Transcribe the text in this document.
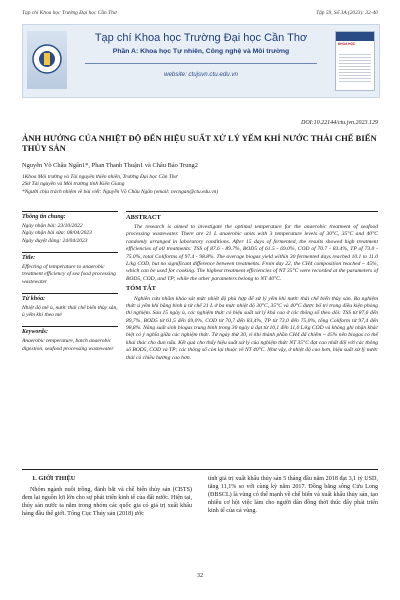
Tạp chí Khoa học Trường Đại học Cần Thơ	Tập 59, Số 3A (2023): 32-40
Tạp chí Khoa học Trường Đại học Cần Thơ
Phần A: Khoa học Tự nhiên, Công nghệ và Môi trường
website: ctujsvn.ctu.edu.vn
KHOA HỌC
DOI:10.22144/ctu.jvn.2023.129
ẢNH HƯỞNG CỦA NHIỆT ĐỘ ĐẾN HIỆU SUẤT XỬ LÝ YẾM KHÍ NƯỚC THẢI CHẾ BIẾN THỦY SẢN
Nguyễn Võ Châu Ngân1*, Phan Thanh Thuận1 và Châu Bảo Trung2
1Khoa Môi trường và Tài nguyên thiên nhiên, Trường Đại học Cần Thơ
2Sở Tài nguyên và Môi trường tỉnh Kiên Giang
*Người chịu trách nhiệm về bài viết: Nguyễn Võ Châu Ngân (email: nvcngan@ctu.edu.vn)
Thông tin chung:
Ngày nhận bài: 23/10/2022
Ngày nhận bài sửa: 08/04/2023
Ngày duyệt đăng: 24/04/2023
Title:
Effecting of temperature to anaerobic treatment efficiency of sea food processing wastewater
Từ khóa:
Nhiệt độ mê ủ, nước thải chế biến thủy sản, ủ yếm khí theo mẻ
Keywords:
Anaerobic temperature, batch anaerobic digestion, seafood processing wastewater
ABSTRACT

The research is aimed to investigate the optimal temperature for the anaerobic treatment of seafood processing wastewater. There are 21 L anaerobic units with 3 temperature levels of 30°C, 35°C and 40°C randomly arranged in laboratory conditions. After 15 days of fermented, the results showed high treatment efficiencies of all treatments: TSS of 87.6 - 89.7%, BOD5 of 61.5 - 69.0%, COD of 70.7 - 83.4%, TP of 73.0 - 75.0%, total Coliforms of 97.4 - 98.8%. The average biogas yield within 30 fermented days reached 10.1 to 11.0 L/kg COD, but no significant difference between treatments. From day 22, the CH4 composition reached ~ 45%, which can be used for cooking. The highest treatment efficiencies of NT 35°C were recorded at the parameters of BOD5, COD, and TP; while the other parameters belong to NT 40°C.

TÓM TẮT

Nghiên cứu nhằm khảo sát mức nhiệt độ phù hợp để xử lý yếm khí nước thải chế biến thủy sản. Ba nghiệm thức ủ yếm khí bằng bình ủ từ chế 21 L ở ba mức nhiệt độ 30°C, 35°C và 40°C được bố trí trong điều kiện phòng thí nghiệm. Sau 15 ngày ủ, các nghiệm thức có hiệu suất xử lý khá cao ở các thông số theo dõi: TSS từ 87,6 đến 89,7%, BOD5 từ 61,5 đến 69,0%, COD từ 70,7 đến 83,4%, TP từ 73,0 đến 75,0%, tổng Coliform từ 97,4 đến 98,8%. Năng suất sinh biogas trung bình trong 30 ngày ủ đạt từ 10,1 đến 11,0 L/kg COD và không ghi nhận khác biệt có ý nghĩa giữa các nghiệm thức. Từ ngày thứ 30, vì khí thành phần CH4 đã chiếm ~ 45% nên biogas có thể khai thác cho đun nấu. Kết quả cho thấy hiệu suất xử lý của nghiệm thức NT 35°C đạt cao nhất đối với các thông số BOD5, COD và TP; các thông số còn lại thuộc về NT 40°C. Như vậy, ở nhiệt độ cao hơn, hiệu suất xử lý nước thải có chiều hướng cao hơn.

1. GIỚI THIỆU

Nhóm ngành nuôi trồng, đánh bắt và chế biến thủy sản (CBTS) đem lại nguồn lợi lớn cho sự phát triển kinh tế của đất nước. Hiện tại, thủy sản nước ta nằm trong nhóm các quốc gia có giá trị xuất khẩu hàng đầu thế giới. Tổng Cục Thủy sản (2018) ước

tính giá trị xuất khẩu thủy sản 5 tháng đầu năm 2018 đạt 3,1 tỷ USD, tăng 11,1% so với cùng kỳ năm 2017. Đồng bằng sông Cửu Long (ĐBSCL) là vùng có thế mạnh về chế biến và xuất khẩu thủy sản, tạo nhiều cơ hội việc làm cho người dân đồng thời thúc đẩy phát triển kinh tế của cả vùng.

32
